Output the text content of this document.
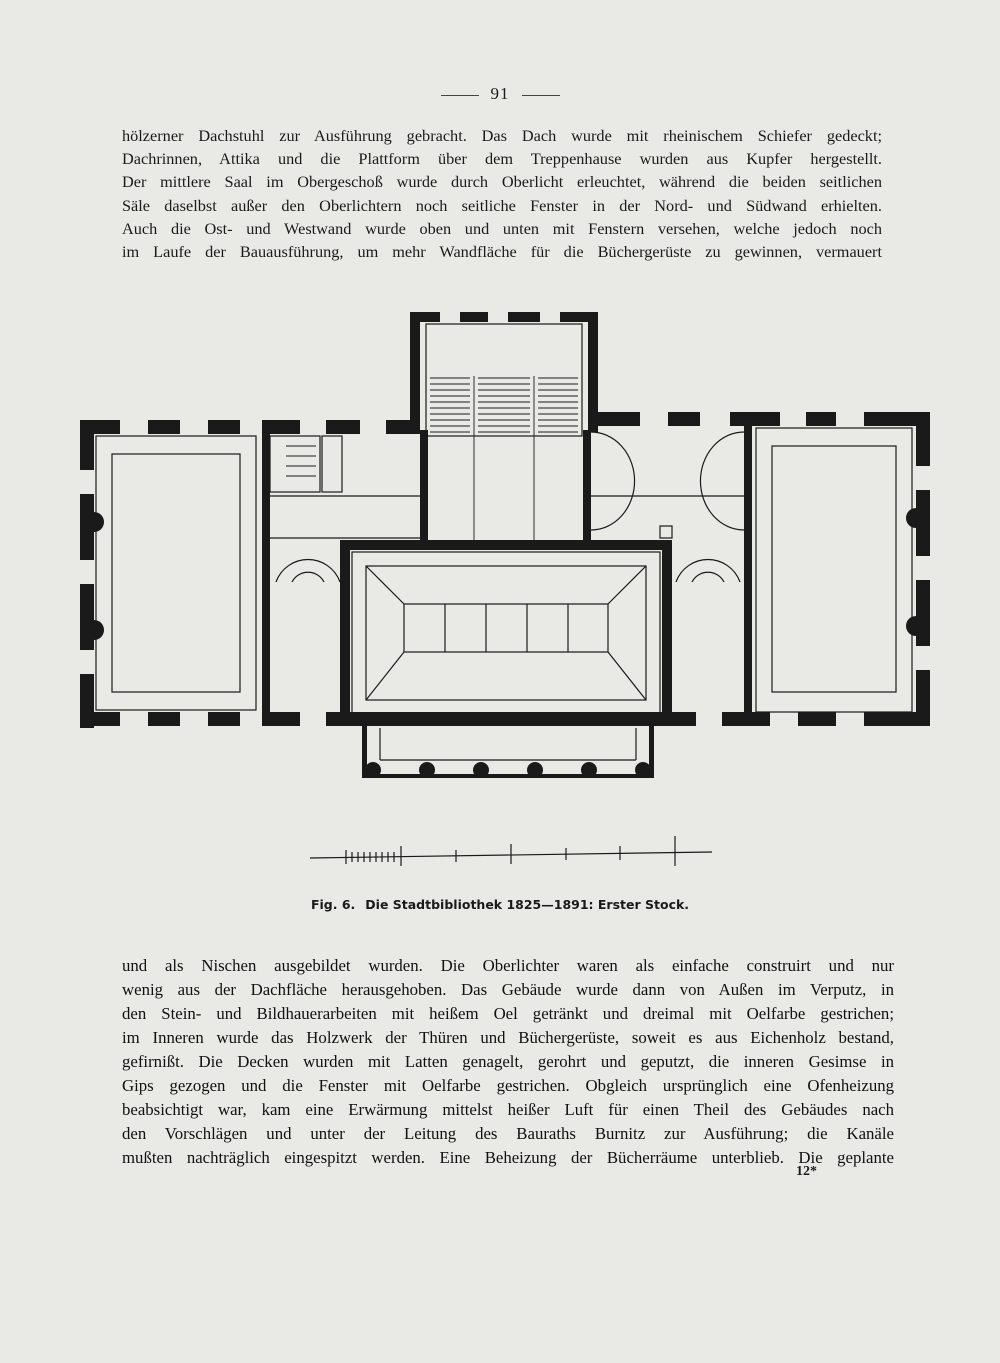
91
hölzerner Dachstuhl zur Ausführung gebracht. Das Dach wurde mit rheinischem Schiefer gedeckt;
Dachrinnen, Attika und die Plattform über dem Treppenhause wurden aus Kupfer hergestellt.
Der mittlere Saal im Obergeschoß wurde durch Oberlicht erleuchtet, während die beiden seitlichen
Säle daselbst außer den Oberlichtern noch seitliche Fenster in der Nord- und Südwand erhielten.
Auch die Ost- und Westwand wurde oben und unten mit Fenstern versehen, welche jedoch noch
im Laufe der Bauausführung, um mehr Wandfläche für die Büchergerüste zu gewinnen, vermauert
Fig. 6. Die Stadtbibliothek 1825—1891: Erster Stock.
und als Nischen ausgebildet wurden. Die Oberlichter waren als einfache construirt und nur
wenig aus der Dachfläche herausgehoben. Das Gebäude wurde dann von Außen im Verputz, in
den Stein- und Bildhauerarbeiten mit heißem Oel getränkt und dreimal mit Oelfarbe gestrichen;
im Inneren wurde das Holzwerk der Thüren und Büchergerüste, soweit es aus Eichenholz bestand,
gefirnißt. Die Decken wurden mit Latten genagelt, gerohrt und geputzt, die inneren Gesimse in
Gips gezogen und die Fenster mit Oelfarbe gestrichen. Obgleich ursprünglich eine Ofenheizung
beabsichtigt war, kam eine Erwärmung mittelst heißer Luft für einen Theil des Gebäudes nach
den Vorschlägen und unter der Leitung des Bauraths Burnitz zur Ausführung; die Kanäle
mußten nachträglich eingespitzt werden. Eine Beheizung der Bücherräume unterblieb. Die geplante
12*
